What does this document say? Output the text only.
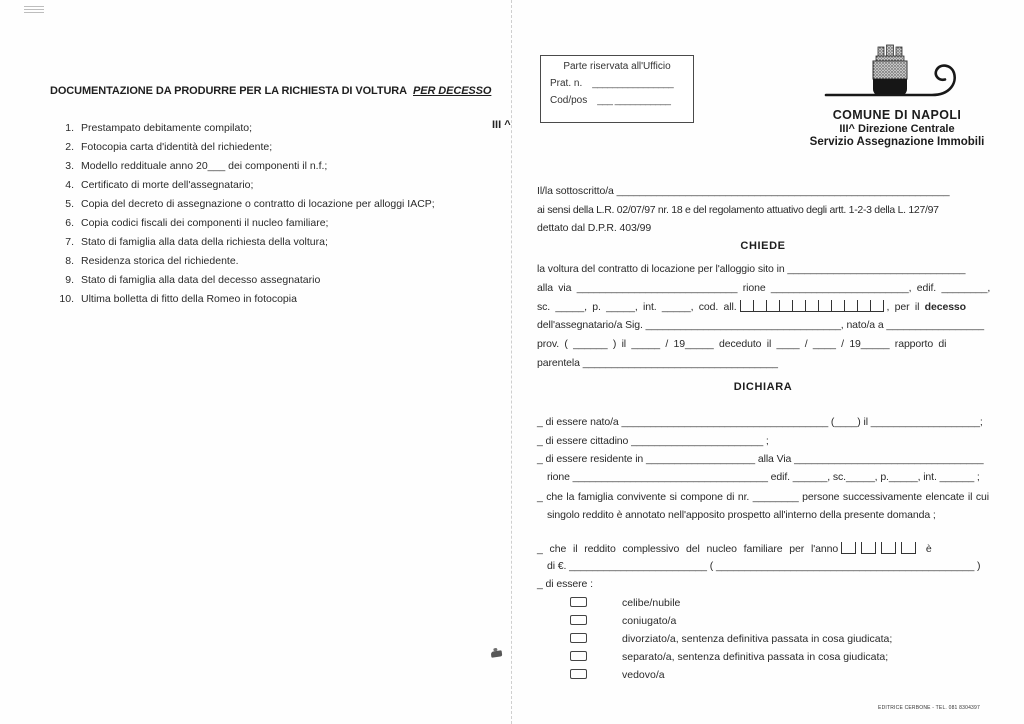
III ^
DOCUMENTAZIONE DA PRODURRE PER LA RICHIESTA DI VOLTURA PER DECESSO
1. Prestampato debitamente compilato;
2. Fotocopia carta d'identità del richiedente;
3. Modello reddituale anno 20___ dei componenti il n.f.;
4. Certificato di morte dell'assegnatario;
5. Copia del decreto di assegnazione o contratto di locazione per alloggi IACP;
6. Copia codici fiscali dei componenti il nucleo familiare;
7. Stato di famiglia alla data della richiesta della voltura;
8. Residenza storica del richiedente.
9. Stato di famiglia alla data del decesso assegnatario
10. Ultima bolletta di fitto della Romeo in fotocopia
Parte riservata all'Ufficio
Prat. n. ________________
Cod/pos ___ ___________
COMUNE DI NAPOLI
III^ Direzione Centrale
Servizio Assegnazione Immobili
Il/la sottoscritto/a __________________________________________________________
ai sensi della L.R. 02/07/97 nr. 18 e del regolamento attuativo degli artt. 1-2-3 della L. 127/97
dettato dal D.P.R. 403/99
CHIEDE
la voltura del contratto di locazione per l'alloggio sito in _______________________________
alla via ____________________________ rione ________________________, edif. ________,
sc. _____, p. _____, int. _____, cod. all.	, per il decesso
dell'assegnatario/a Sig. __________________________________, nato/a a _________________
prov. ( ______ ) il _____ / 19_____ deceduto il ____ / ____ / 19_____ rapporto di
parentela __________________________________
DICHIARA
_ di essere nato/a ____________________________________ (____) il ___________________;
_ di essere cittadino _______________________ ;
_ di essere residente in ___________________ alla Via _________________________________
rione __________________________________ edif. ______, sc._____, p._____, int. ______ ;
_ che la famiglia convivente si compone di nr. ________ persone successivamente elencate il cui singolo reddito è annotato nell'apposito prospetto all'interno della presente domanda ;
_ che il reddito complessivo del nucleo familiare per l'anno	è
di €. ________________________ ( _____________________________________________ )
_ di essere :
celibe/nubile
coniugato/a
divorziato/a, sentenza definitiva passata in cosa giudicata;
separato/a, sentenza definitiva passata in cosa giudicata;
vedovo/a
EDITRICE CERBONE - TEL. 081 8304397
